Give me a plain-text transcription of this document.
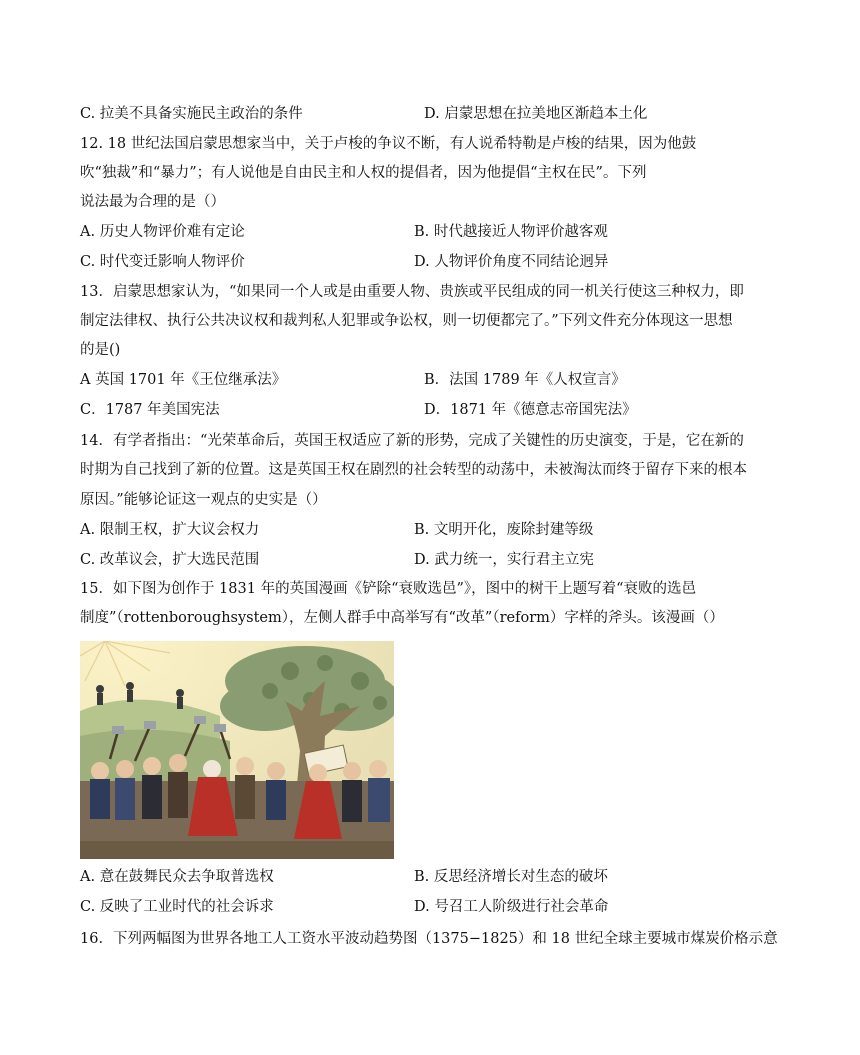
C. 拉美不具备实施民主政治的条件	D. 启蒙思想在拉美地区渐趋本土化
12. 18 世纪法国启蒙思想家当中，关于卢梭的争议不断，有人说希特勒是卢梭的结果，因为他鼓
吹“独裁”和“暴力”；有人说他是自由民主和人权的提倡者，因为他提倡“主权在民”。下列
说法最为合理的是（）
A. 历史人物评价难有定论	B. 时代越接近人物评价越客观
C. 时代变迁影响人物评价	D. 人物评价角度不同结论迥异
13．启蒙思想家认为，“如果同一个人或是由重要人物、贵族或平民组成的同一机关行使这三种权力，即
制定法律权、执行公共决议权和裁判私人犯罪或争讼权，则一切便都完了。”下列文件充分体现这一思想
的是()
A 英国 1701 年《王位继承法》	B．法国 1789 年《人权宣言》
C．1787 年美国宪法	D．1871 年《德意志帝国宪法》
14．有学者指出：“光荣革命后，英国王权适应了新的形势，完成了关键性的历史演变，于是，它在新的
时期为自己找到了新的位置。这是英国王权在剧烈的社会转型的动荡中，未被淘汰而终于留存下来的根本
原因。”能够论证这一观点的史实是（）
A. 限制王权，扩大议会权力	B. 文明开化，废除封建等级
C. 改革议会，扩大选民范围	D. 武力统一，实行君主立宪
15．如下图为创作于 1831 年的英国漫画《铲除“衰败选邑”》，图中的树干上题写着“衰败的选邑
制度”（rottenboroughsystem），左侧人群手中高举写有“改革”（reform）字样的斧头。该漫画（）
A. 意在鼓舞民众去争取普选权	B. 反思经济增长对生态的破坏
C. 反映了工业时代的社会诉求	D. 号召工人阶级进行社会革命
16．下列两幅图为世界各地工人工资水平波动趋势图（1375−1825）和 18 世纪全球主要城市煤炭价格示意
